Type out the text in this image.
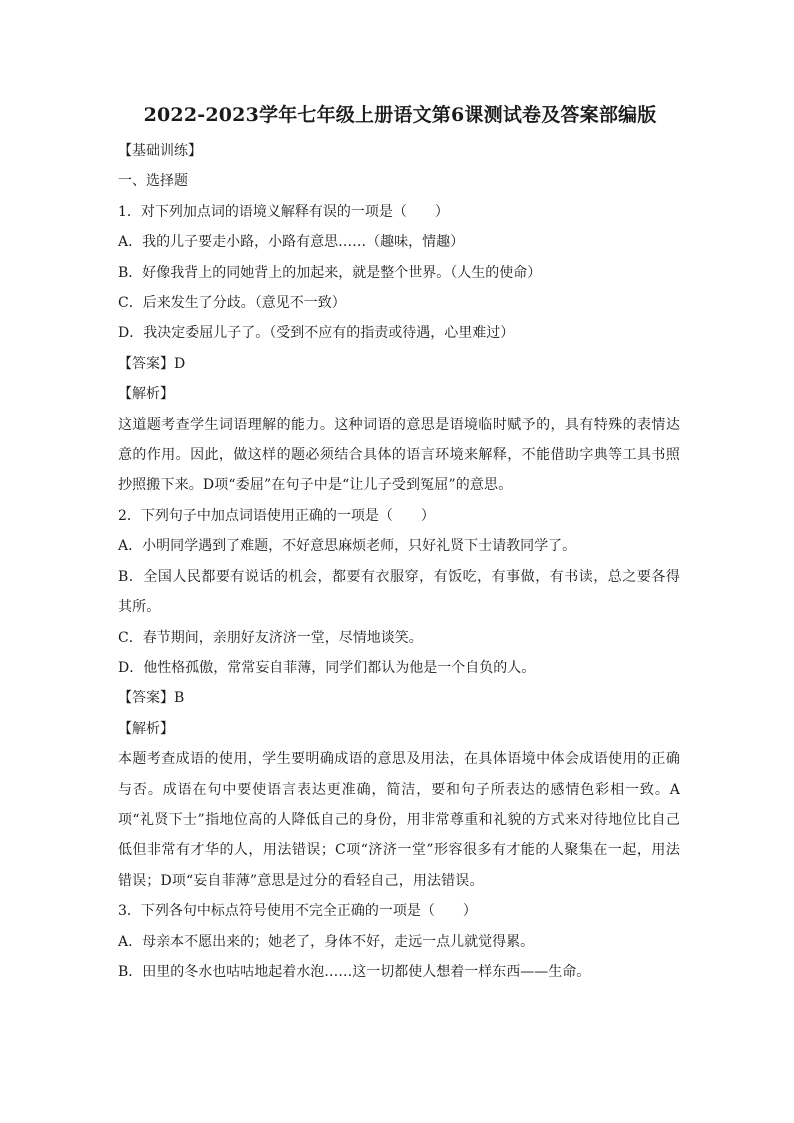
2022-2023学年七年级上册语文第6课测试卷及答案部编版

【基础训练】

一、选择题

1．对下列加点词的语境义解释有误的一项是（　　）

A．我的儿子要走小路，小路有意思……（趣味，情趣）

B．好像我背上的同她背上的加起来，就是整个世界。（人生的使命）

C．后来发生了分歧。（意见不一致）

D．我决定委屈儿子了。（受到不应有的指责或待遇，心里难过）

【答案】D

【解析】

这道题考查学生词语理解的能力。这种词语的意思是语境临时赋予的，具有特殊的表情达意的作用。因此，做这样的题必须结合具体的语言环境来解释，不能借助字典等工具书照抄照搬下来。D项“委屈”在句子中是“让儿子受到冤屈”的意思。

2．下列句子中加点词语使用正确的一项是（　　）

A．小明同学遇到了难题，不好意思麻烦老师，只好礼贤下士请教同学了。

B．全国人民都要有说话的机会，都要有衣服穿，有饭吃，有事做，有书读，总之要各得其所。

C．春节期间，亲朋好友济济一堂，尽情地谈笑。

D．他性格孤傲，常常妄自菲薄，同学们都认为他是一个自负的人。

【答案】B

【解析】

本题考查成语的使用，学生要明确成语的意思及用法，在具体语境中体会成语使用的正确与否。成语在句中要使语言表达更准确，简洁，要和句子所表达的感情色彩相一致。A项“礼贤下士”指地位高的人降低自己的身份，用非常尊重和礼貌的方式来对待地位比自己低但非常有才华的人，用法错误；C项“济济一堂”形容很多有才能的人聚集在一起，用法错误；D项“妄自菲薄”意思是过分的看轻自己，用法错误。

3．下列各句中标点符号使用不完全正确的一项是（　　）

A．母亲本不愿出来的；她老了，身体不好，走远一点儿就觉得累。

B．田里的冬水也咕咕地起着水泡……这一切都使人想着一样东西——生命。
